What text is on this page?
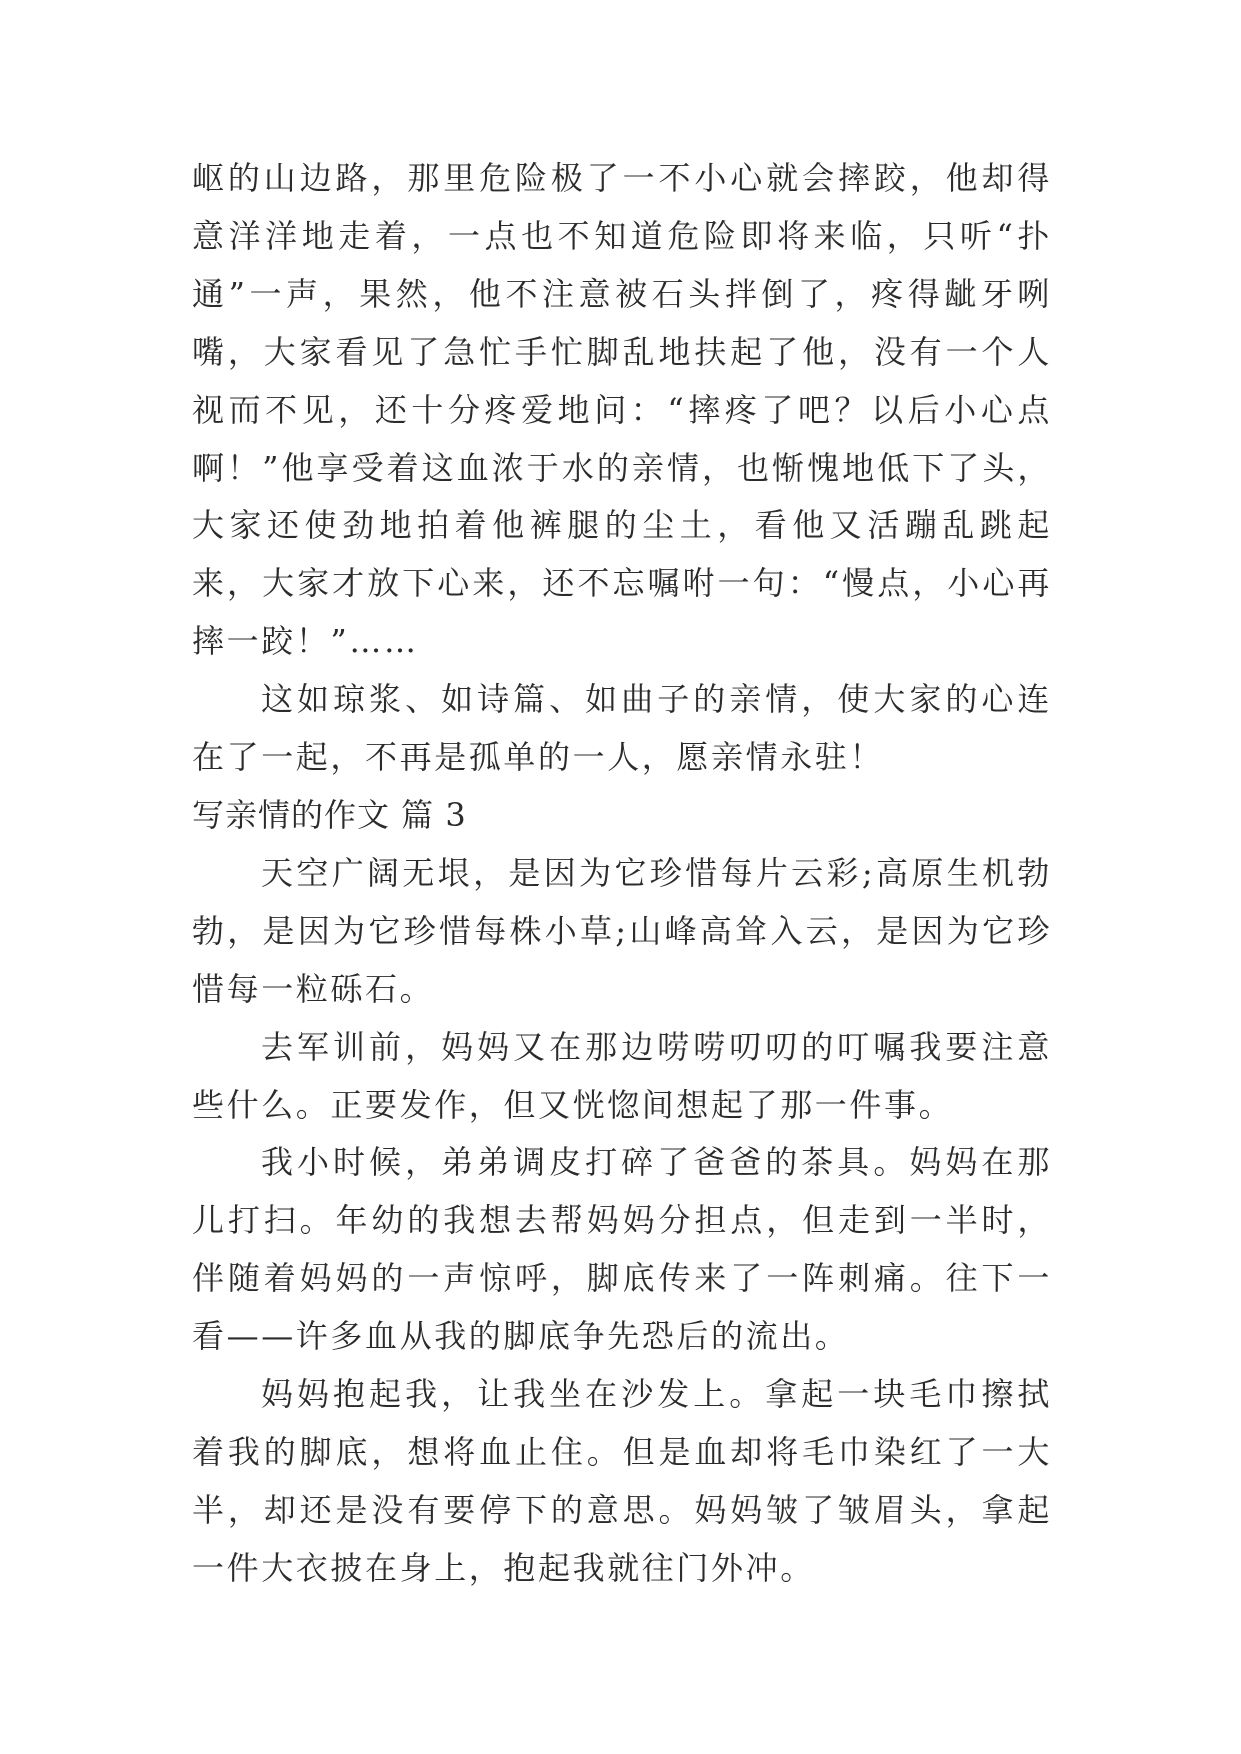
岖的山边路，那里危险极了一不小心就会摔跤，他却得意洋洋地走着，一点也不知道危险即将来临，只听“扑通”一声，果然，他不注意被石头拌倒了，疼得龇牙咧嘴，大家看见了急忙手忙脚乱地扶起了他，没有一个人视而不见，还十分疼爱地问：“摔疼了吧？以后小心点啊！”他享受着这血浓于水的亲情，也惭愧地低下了头，大家还使劲地拍着他裤腿的尘土，看他又活蹦乱跳起来，大家才放下心来，还不忘嘱咐一句：“慢点，小心再摔一跤！”……

这如琼浆、如诗篇、如曲子的亲情，使大家的心连在了一起，不再是孤单的一人，愿亲情永驻！

写亲情的作文 篇 3

天空广阔无垠，是因为它珍惜每片云彩;高原生机勃勃，是因为它珍惜每株小草;山峰高耸入云，是因为它珍惜每一粒砾石。

去军训前，妈妈又在那边唠唠叨叨的叮嘱我要注意些什么。正要发作，但又恍惚间想起了那一件事。

我小时候，弟弟调皮打碎了爸爸的茶具。妈妈在那儿打扫。年幼的我想去帮妈妈分担点，但走到一半时，伴随着妈妈的一声惊呼，脚底传来了一阵刺痛。往下一看——许多血从我的脚底争先恐后的流出。

妈妈抱起我，让我坐在沙发上。拿起一块毛巾擦拭着我的脚底，想将血止住。但是血却将毛巾染红了一大半，却还是没有要停下的意思。妈妈皱了皱眉头，拿起一件大衣披在身上，抱起我就往门外冲。
